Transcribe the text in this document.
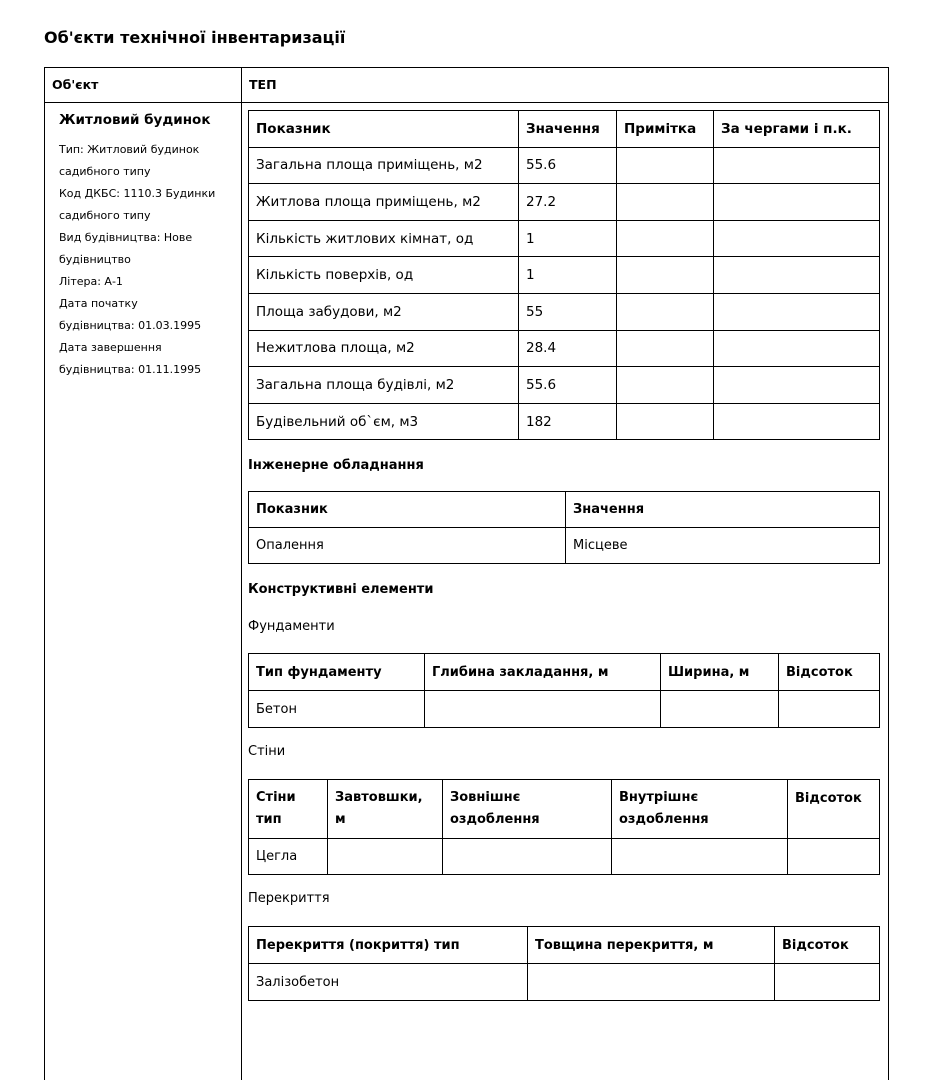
Об'єкти технічної інвентаризації
Об'єкт	ТЕП
Житловий будинок
Тип: Житловий будинок
садибного типу
Код ДКБС: 1110.3 Будинки
садибного типу
Вид будівництва: Нове
будівництво
Літера: А-1
Дата початку
будівництва: 01.03.1995
Дата завершення
будівництва: 01.11.1995
Показник	Значення	Примітка	За чергами і п.к.
Загальна площа приміщень, м2	55.6		
Житлова площа приміщень, м2	27.2		
Кількість житлових кімнат, од	1		
Кількість поверхів, од	1		
Площа забудови, м2	55		
Нежитлова площа, м2	28.4		
Загальна площа будівлі, м2	55.6		
Будівельний об`єм, м3	182		
Інженерне обладнання
Показник	Значення
Опалення	Місцеве
Конструктивні елементи
Фундаменти
Тип фундаменту	Глибина закладання, м	Ширина, м	Відсоток
Бетон			
Стіни
Стіни тип	Завтовшки, м	Зовнішнє оздоблення	Внутрішнє оздоблення	Відсоток
Цегла				
Перекриття
Перекриття (покриття) тип	Товщина перекриття, м	Відсоток
Залізобетон		
